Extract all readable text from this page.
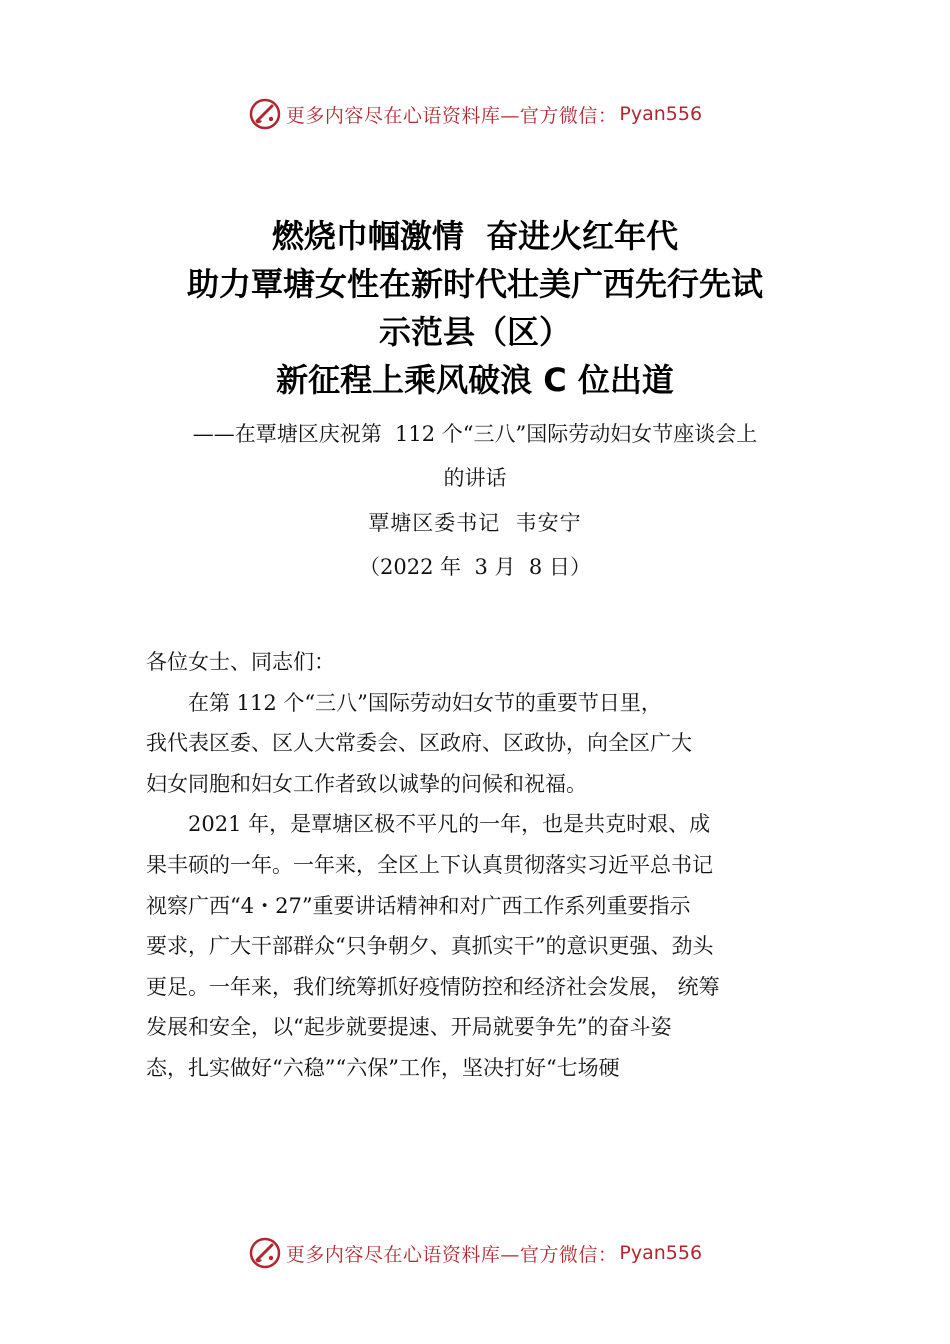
更多内容尽在心语资料库—官方微信： Pyan556
燃烧巾帼激情  奋进火红年代
助力覃塘女性在新时代壮美广西先行先试
示范县（区）
新征程上乘风破浪 C 位出道
——在覃塘区庆祝第  112 个“三八”国际劳动妇女节座谈会上
的讲话
覃塘区委书记  韦安宁
（2022 年  3 月  8 日）

各位女士、同志们：

在第 112 个“三八”国际劳动妇女节的重要节日里，
我代表区委、区人大常委会、区政府、区政协，向全区广大
妇女同胞和妇女工作者致以诚挚的问候和祝福。

2021 年，是覃塘区极不平凡的一年，也是共克时艰、成
果丰硕的一年。一年来，全区上下认真贯彻落实习近平总书记
视察广西“4・27”重要讲话精神和对广西工作系列重要指示
要求，广大干部群众“只争朝夕、真抓实干”的意识更强、劲头
更足。一年来，我们统筹抓好疫情防控和经济社会发展， 统筹
发展和安全，以“起步就要提速、开局就要争先”的奋斗姿
态，扎实做好“六稳”“六保”工作，坚决打好“七场硬

更多内容尽在心语资料库—官方微信： Pyan556
